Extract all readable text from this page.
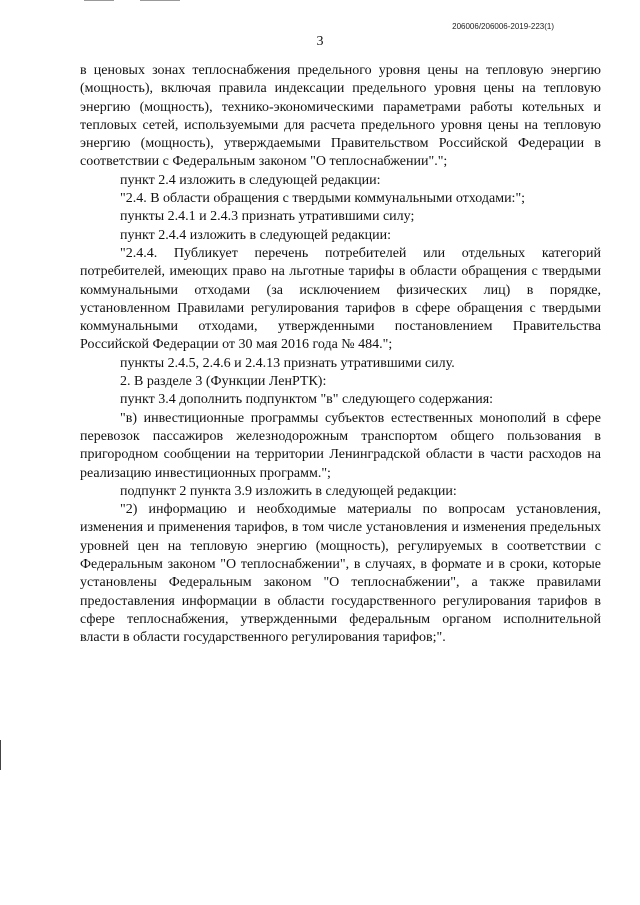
206006/206006-2019-223(1)
3

в ценовых зонах теплоснабжения предельного уровня цены на тепловую энергию (мощность), включая правила индексации предельного уровня цены на тепловую энергию (мощность), технико-экономическими параметрами работы котельных и тепловых сетей, используемыми для расчета предельного уровня цены на тепловую энергию (мощность), утверждаемыми Правительством Российской Федерации в соответствии с Федеральным законом "О теплоснабжении".";

пункт 2.4 изложить в следующей редакции:

"2.4. В области обращения с твердыми коммунальными отходами:";

пункты 2.4.1 и 2.4.3 признать утратившими силу;

пункт 2.4.4 изложить в следующей редакции:

"2.4.4. Публикует перечень потребителей или отдельных категорий потребителей, имеющих право на льготные тарифы в области обращения с твердыми коммунальными отходами (за исключением физических лиц) в порядке, установленном Правилами регулирования тарифов в сфере обращения с твердыми коммунальными отходами, утвержденными постановлением Правительства Российской Федерации от 30 мая 2016 года № 484.";

пункты 2.4.5, 2.4.6 и 2.4.13 признать утратившими силу.

2. В разделе 3 (Функции ЛенРТК):

пункт 3.4 дополнить подпунктом "в" следующего содержания:

"в) инвестиционные программы субъектов естественных монополий в сфере перевозок пассажиров железнодорожным транспортом общего пользования в пригородном сообщении на территории Ленинградской области в части расходов на реализацию инвестиционных программ.";

подпункт 2 пункта 3.9 изложить в следующей редакции:

"2) информацию и необходимые материалы по вопросам установления, изменения и применения тарифов, в том числе установления и изменения предельных уровней цен на тепловую энергию (мощность), регулируемых в соответствии с Федеральным законом "О теплоснабжении", в случаях, в формате и в сроки, которые установлены Федеральным законом "О теплоснабжении", а также правилами предоставления информации в области государственного регулирования тарифов в сфере теплоснабжения, утвержденными федеральным органом исполнительной власти в области государственного регулирования тарифов;".
